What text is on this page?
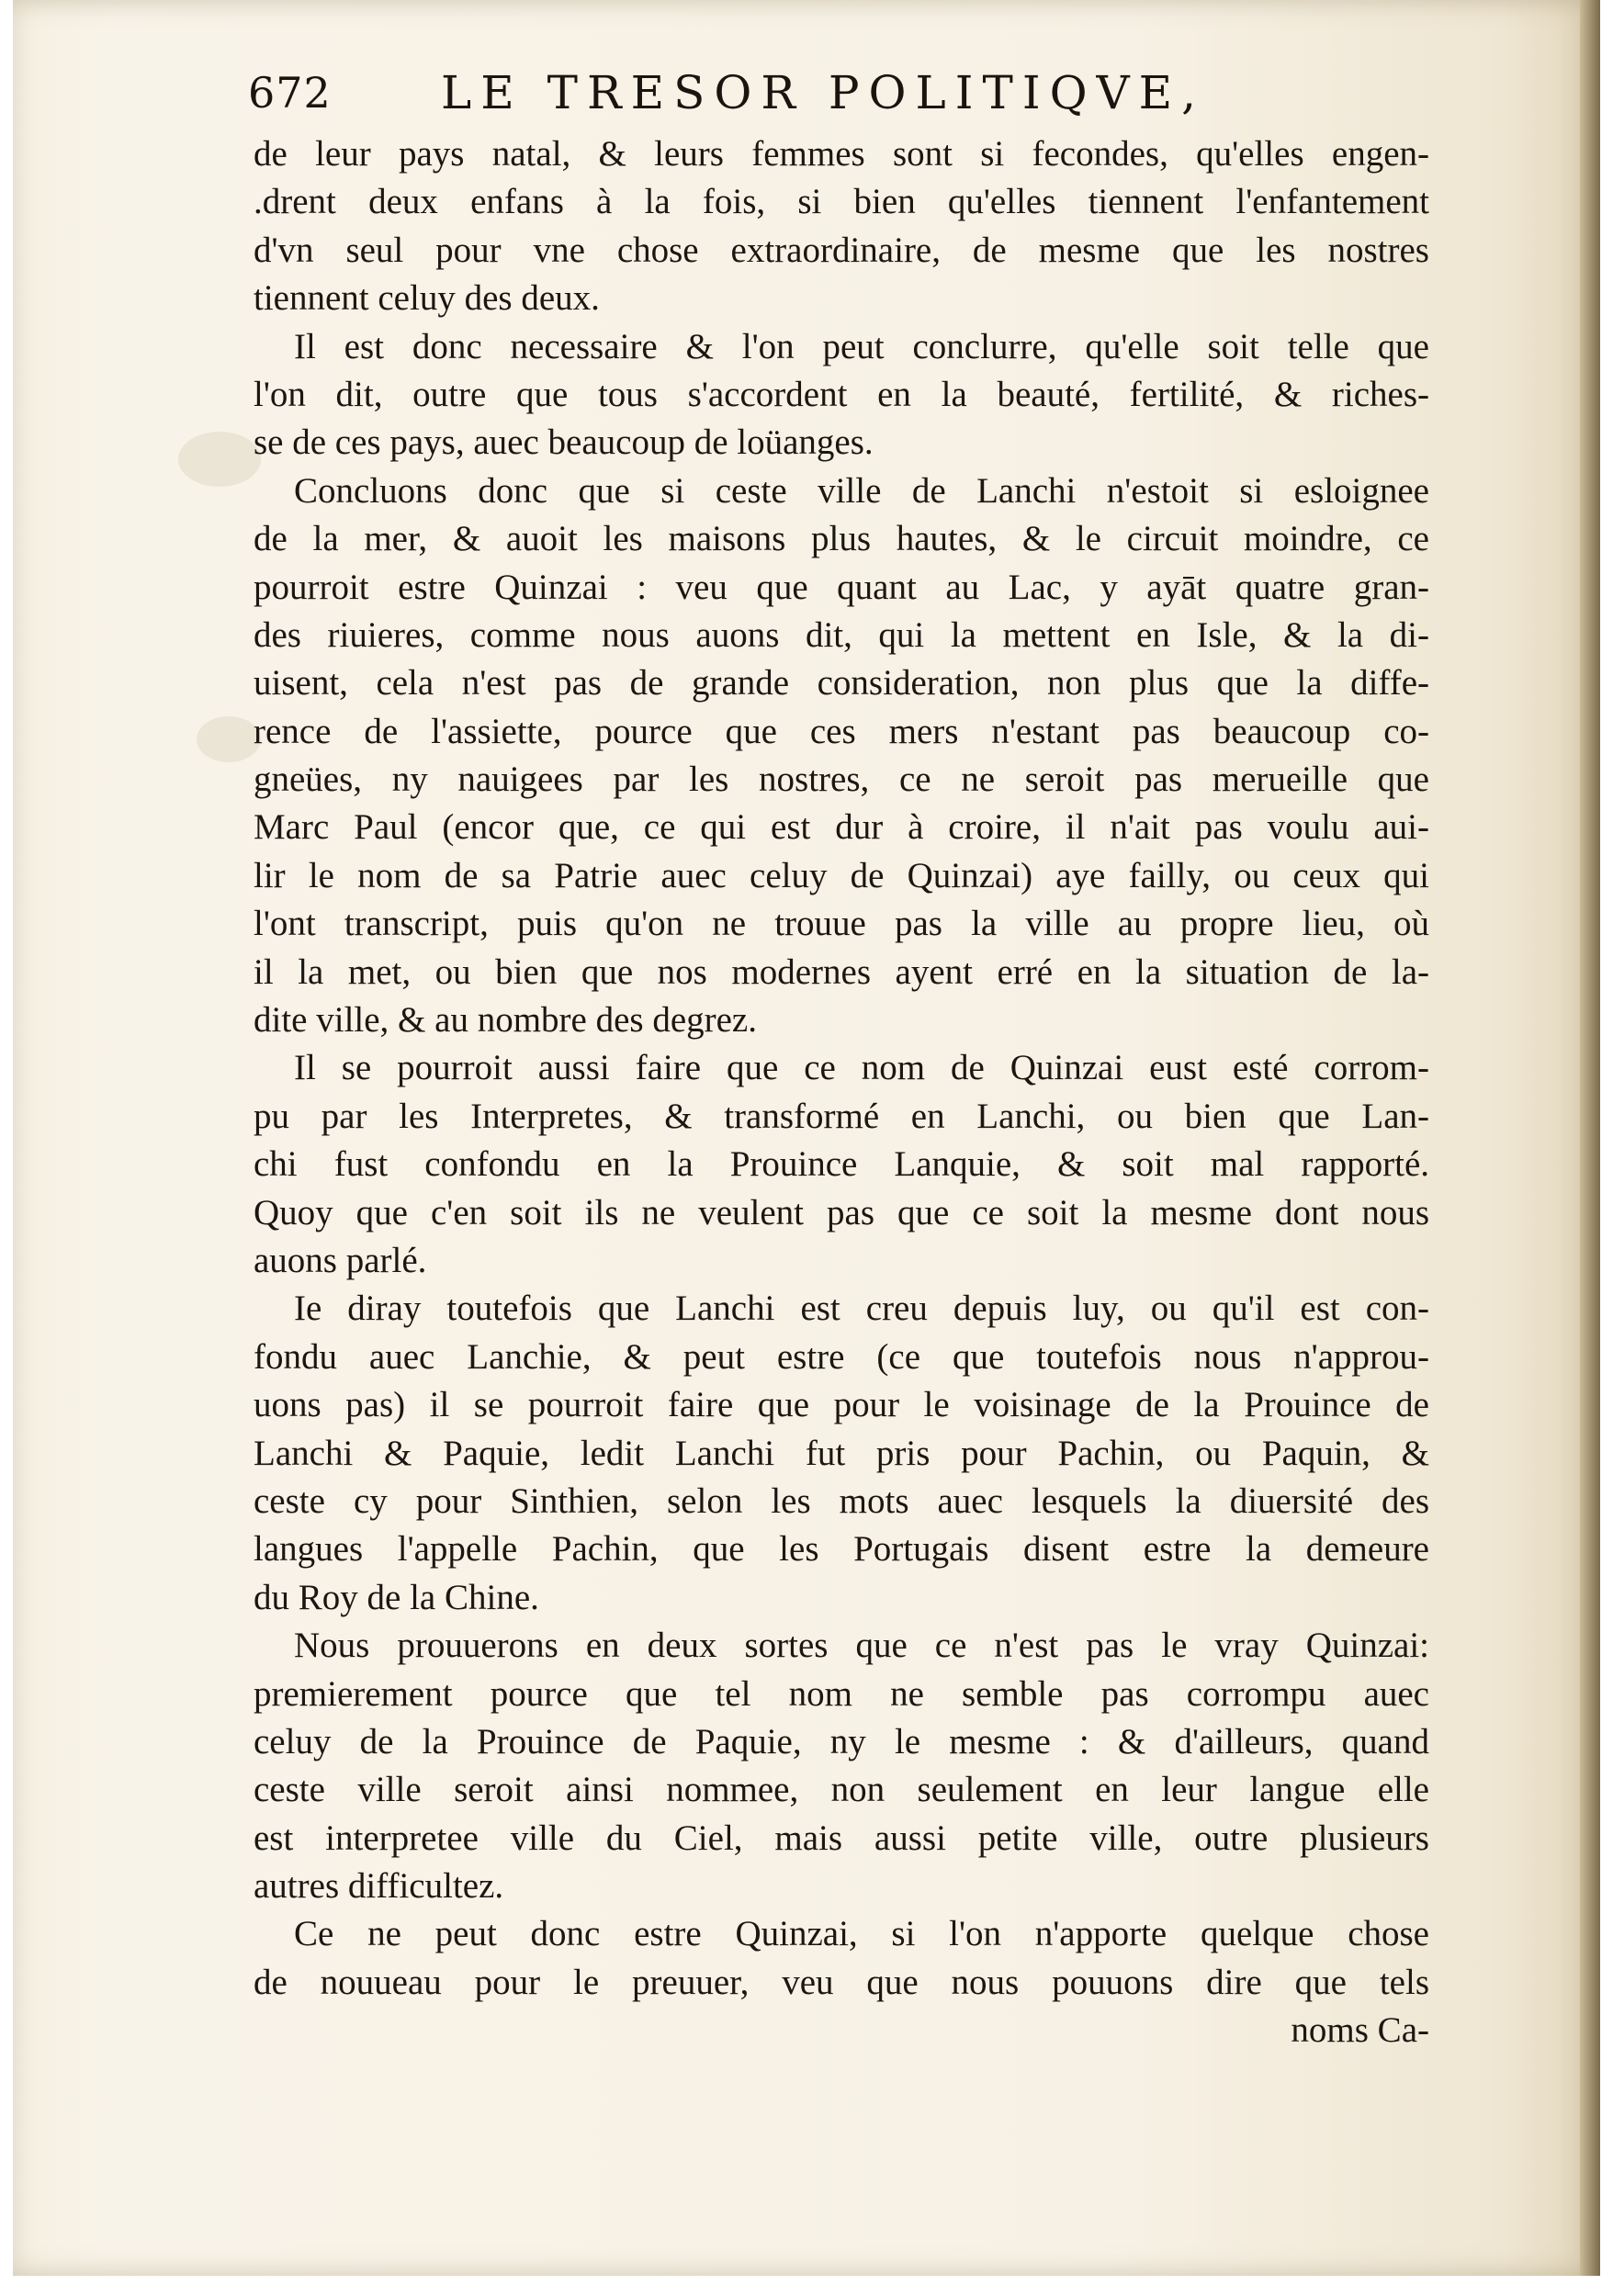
672 LE TRESOR POLITIQVE,
de leur pays natal, & leurs femmes sont si fecondes, qu'elles engen-
.drent deux enfans à la fois, si bien qu'elles tiennent l'enfantement
d'vn seul pour vne chose extraordinaire, de mesme que les nostres
tiennent celuy des deux.
Il est donc necessaire & l'on peut conclurre, qu'elle soit telle que
l'on dit, outre que tous s'accordent en la beauté, fertilité, & riches-
se de ces pays, auec beaucoup de loüanges.
Concluons donc que si ceste ville de Lanchi n'estoit si esloignee
de la mer, & auoit les maisons plus hautes, & le circuit moindre, ce
pourroit estre Quinzai : veu que quant au Lac, y ayāt quatre gran-
des riuieres, comme nous auons dit, qui la mettent en Isle, & la di-
uisent, cela n'est pas de grande consideration, non plus que la diffe-
rence de l'assiette, pource que ces mers n'estant pas beaucoup co-
gneües, ny nauigees par les nostres, ce ne seroit pas merueille que
Marc Paul (encor que, ce qui est dur à croire, il n'ait pas voulu aui-
lir le nom de sa Patrie auec celuy de Quinzai) aye failly, ou ceux qui
l'ont transcript, puis qu'on ne trouue pas la ville au propre lieu, où
il la met, ou bien que nos modernes ayent erré en la situation de la-
dite ville, & au nombre des degrez.
Il se pourroit aussi faire que ce nom de Quinzai eust esté corrom-
pu par les Interpretes, & transformé en Lanchi, ou bien que Lan-
chi fust confondu en la Prouince Lanquie, & soit mal rapporté.
Quoy que c'en soit ils ne veulent pas que ce soit la mesme dont nous
auons parlé.
Ie diray toutefois que Lanchi est creu depuis luy, ou qu'il est con-
fondu auec Lanchie, & peut estre (ce que toutefois nous n'approu-
uons pas) il se pourroit faire que pour le voisinage de la Prouince de
Lanchi & Paquie, ledit Lanchi fut pris pour Pachin, ou Paquin, &
ceste cy pour Sinthien, selon les mots auec lesquels la diuersité des
langues l'appelle Pachin, que les Portugais disent estre la demeure
du Roy de la Chine.
Nous prouuerons en deux sortes que ce n'est pas le vray Quinzai:
premierement pource que tel nom ne semble pas corrompu auec
celuy de la Prouince de Paquie, ny le mesme : & d'ailleurs, quand
ceste ville seroit ainsi nommee, non seulement en leur langue elle
est interpretee ville du Ciel, mais aussi petite ville, outre plusieurs
autres difficultez.
Ce ne peut donc estre Quinzai, si l'on n'apporte quelque chose
de nouueau pour le preuuer, veu que nous pouuons dire que tels
noms Ca-
